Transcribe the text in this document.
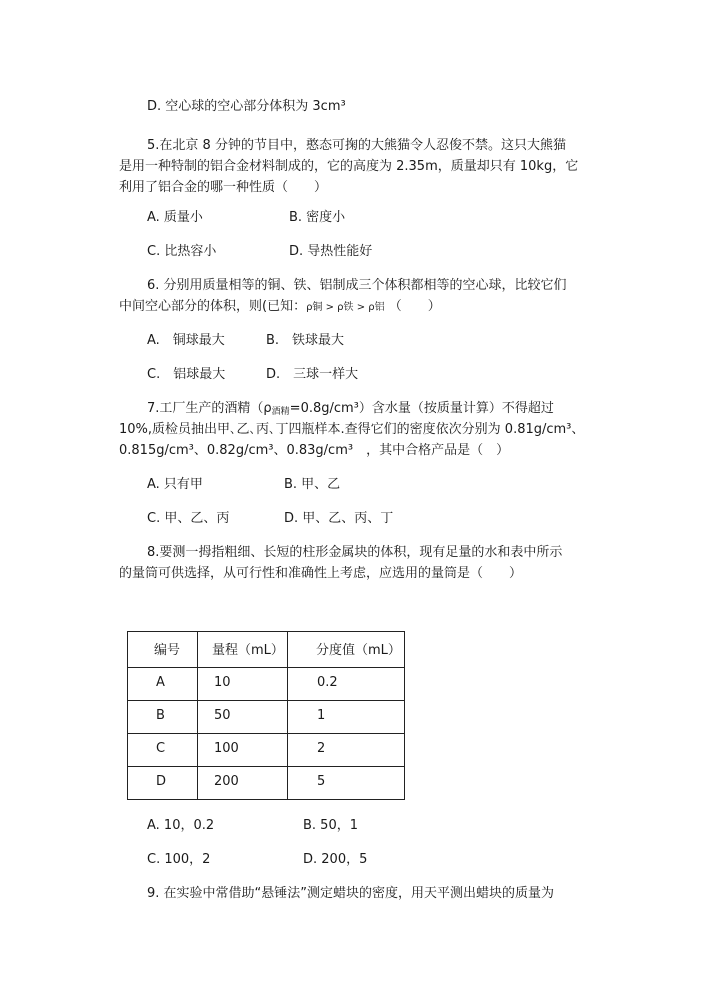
D. 空心球的空心部分体积为 3cm³
5.在北京 8 分钟的节目中，憨态可掬的大熊猫令人忍俊不禁。这只大熊猫
是用一种特制的铝合金材料制成的，它的高度为 2.35m，质量却只有 10kg，它
利用了铝合金的哪一种性质（　　）
A. 质量小	B. 密度小
C. 比热容小	D. 导热性能好
6. 分别用质量相等的铜、铁、铝制成三个体积都相等的空心球，比较它们
中间空心部分的体积，则(已知：ρ铜 > ρ铁 > ρ铝 （　　）
A.　铜球最大	B.　铁球最大
C.　铝球最大	D.　三球一样大
7.工厂生产的酒精$(\rho_{酒精}=0.8g/cm^3)$含水量（按质量计算）不得超过
10%,质检员抽出甲､乙､丙､丁四瓶样本.查得它们的密度依次分别为 0.81g/cm³、
0.815g/cm³、0.82g/cm³、0.83g/cm³　，其中合格产品是（　）
A. 只有甲	B. 甲、乙
C. 甲、乙、丙	D. 甲、乙、丙、丁
8.要测一拇指粗细、长短的柱形金属块的体积，现有足量的水和表中所示
的量筒可供选择，从可行性和准确性上考虑，应选用的量筒是（　　）
编号	量程（mL）	分度值（mL）
A	10	0.2
B	50	1
C	100	2
D	200	5
A. 10，0.2	B. 50，1
C. 100，2	D. 200，5
9. 在实验中常借助“悬锤法”测定蜡块的密度，用天平测出蜡块的质量为
